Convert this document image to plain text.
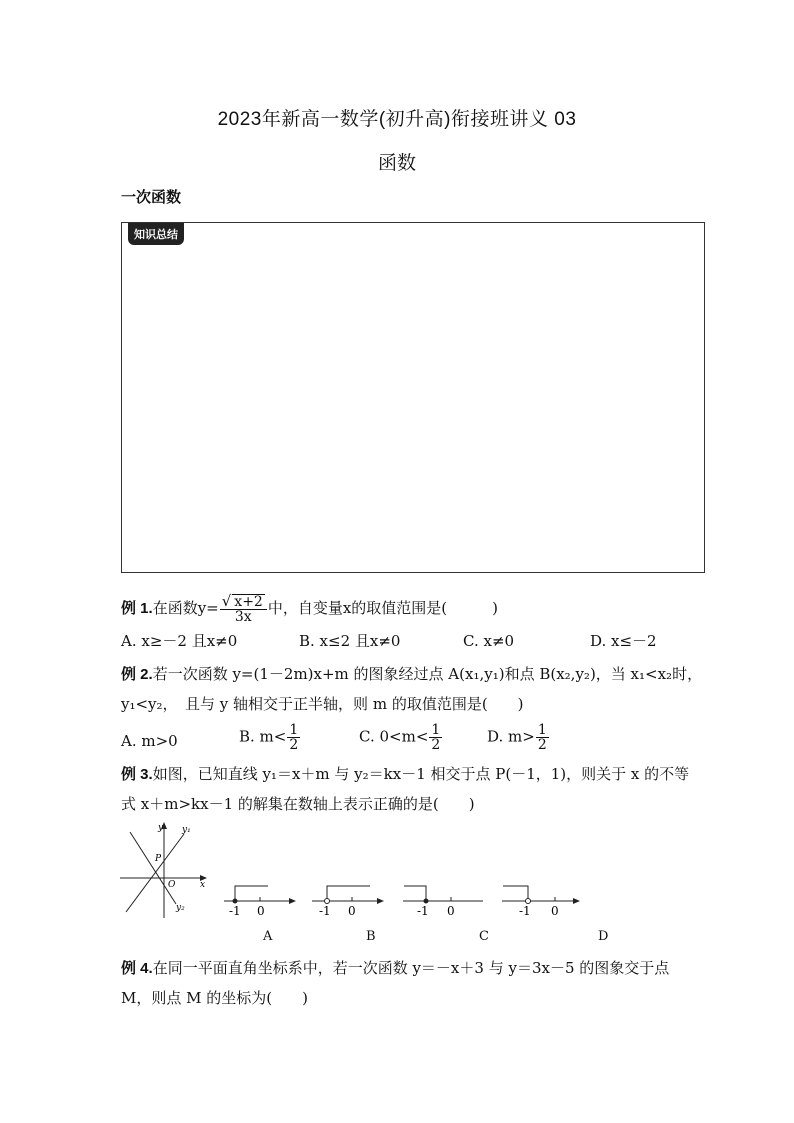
2023年新高一数学(初升高)衔接班讲义 03
函数
一次函数
知识总结
例 1.在函数$y= \frac{√ x+2}{3x}$ 中，自变量x的取值范围是(　　　)
A. x≥－2 且x≠0	B. x≤2 且x≠0	C. x≠0	D. x≤－2
例 2.若一次函数 y=(1－2m)x+m 的图象经过点 A(x₁,y₁)和点 B(x₂,y₂)，当 x₁<x₂时，
y₁<y₂，　且与 y 轴相交于正半轴，则 m 的取值范围是(　　)
A. m>0	B. $m< \frac{1}{2}$	C. $0<m< \frac{1}{2}$	D. $m> \frac{1}{2}$
例 3.如图，已知直线 y₁＝x＋m 与 y₂＝kx－1 相交于点 P(－1，1)，则关于 x 的不等
式 x＋m>kx－1 的解集在数轴上表示正确的是(　　)
y y₁
y₂
P
O	x
-1 0
A
-1 0
B
-1 0
C
-1 0
D
例 4.在同一平面直角坐标系中，若一次函数 y＝－x＋3 与 y＝3x－5 的图象交于点
M，则点 M 的坐标为(　　)
